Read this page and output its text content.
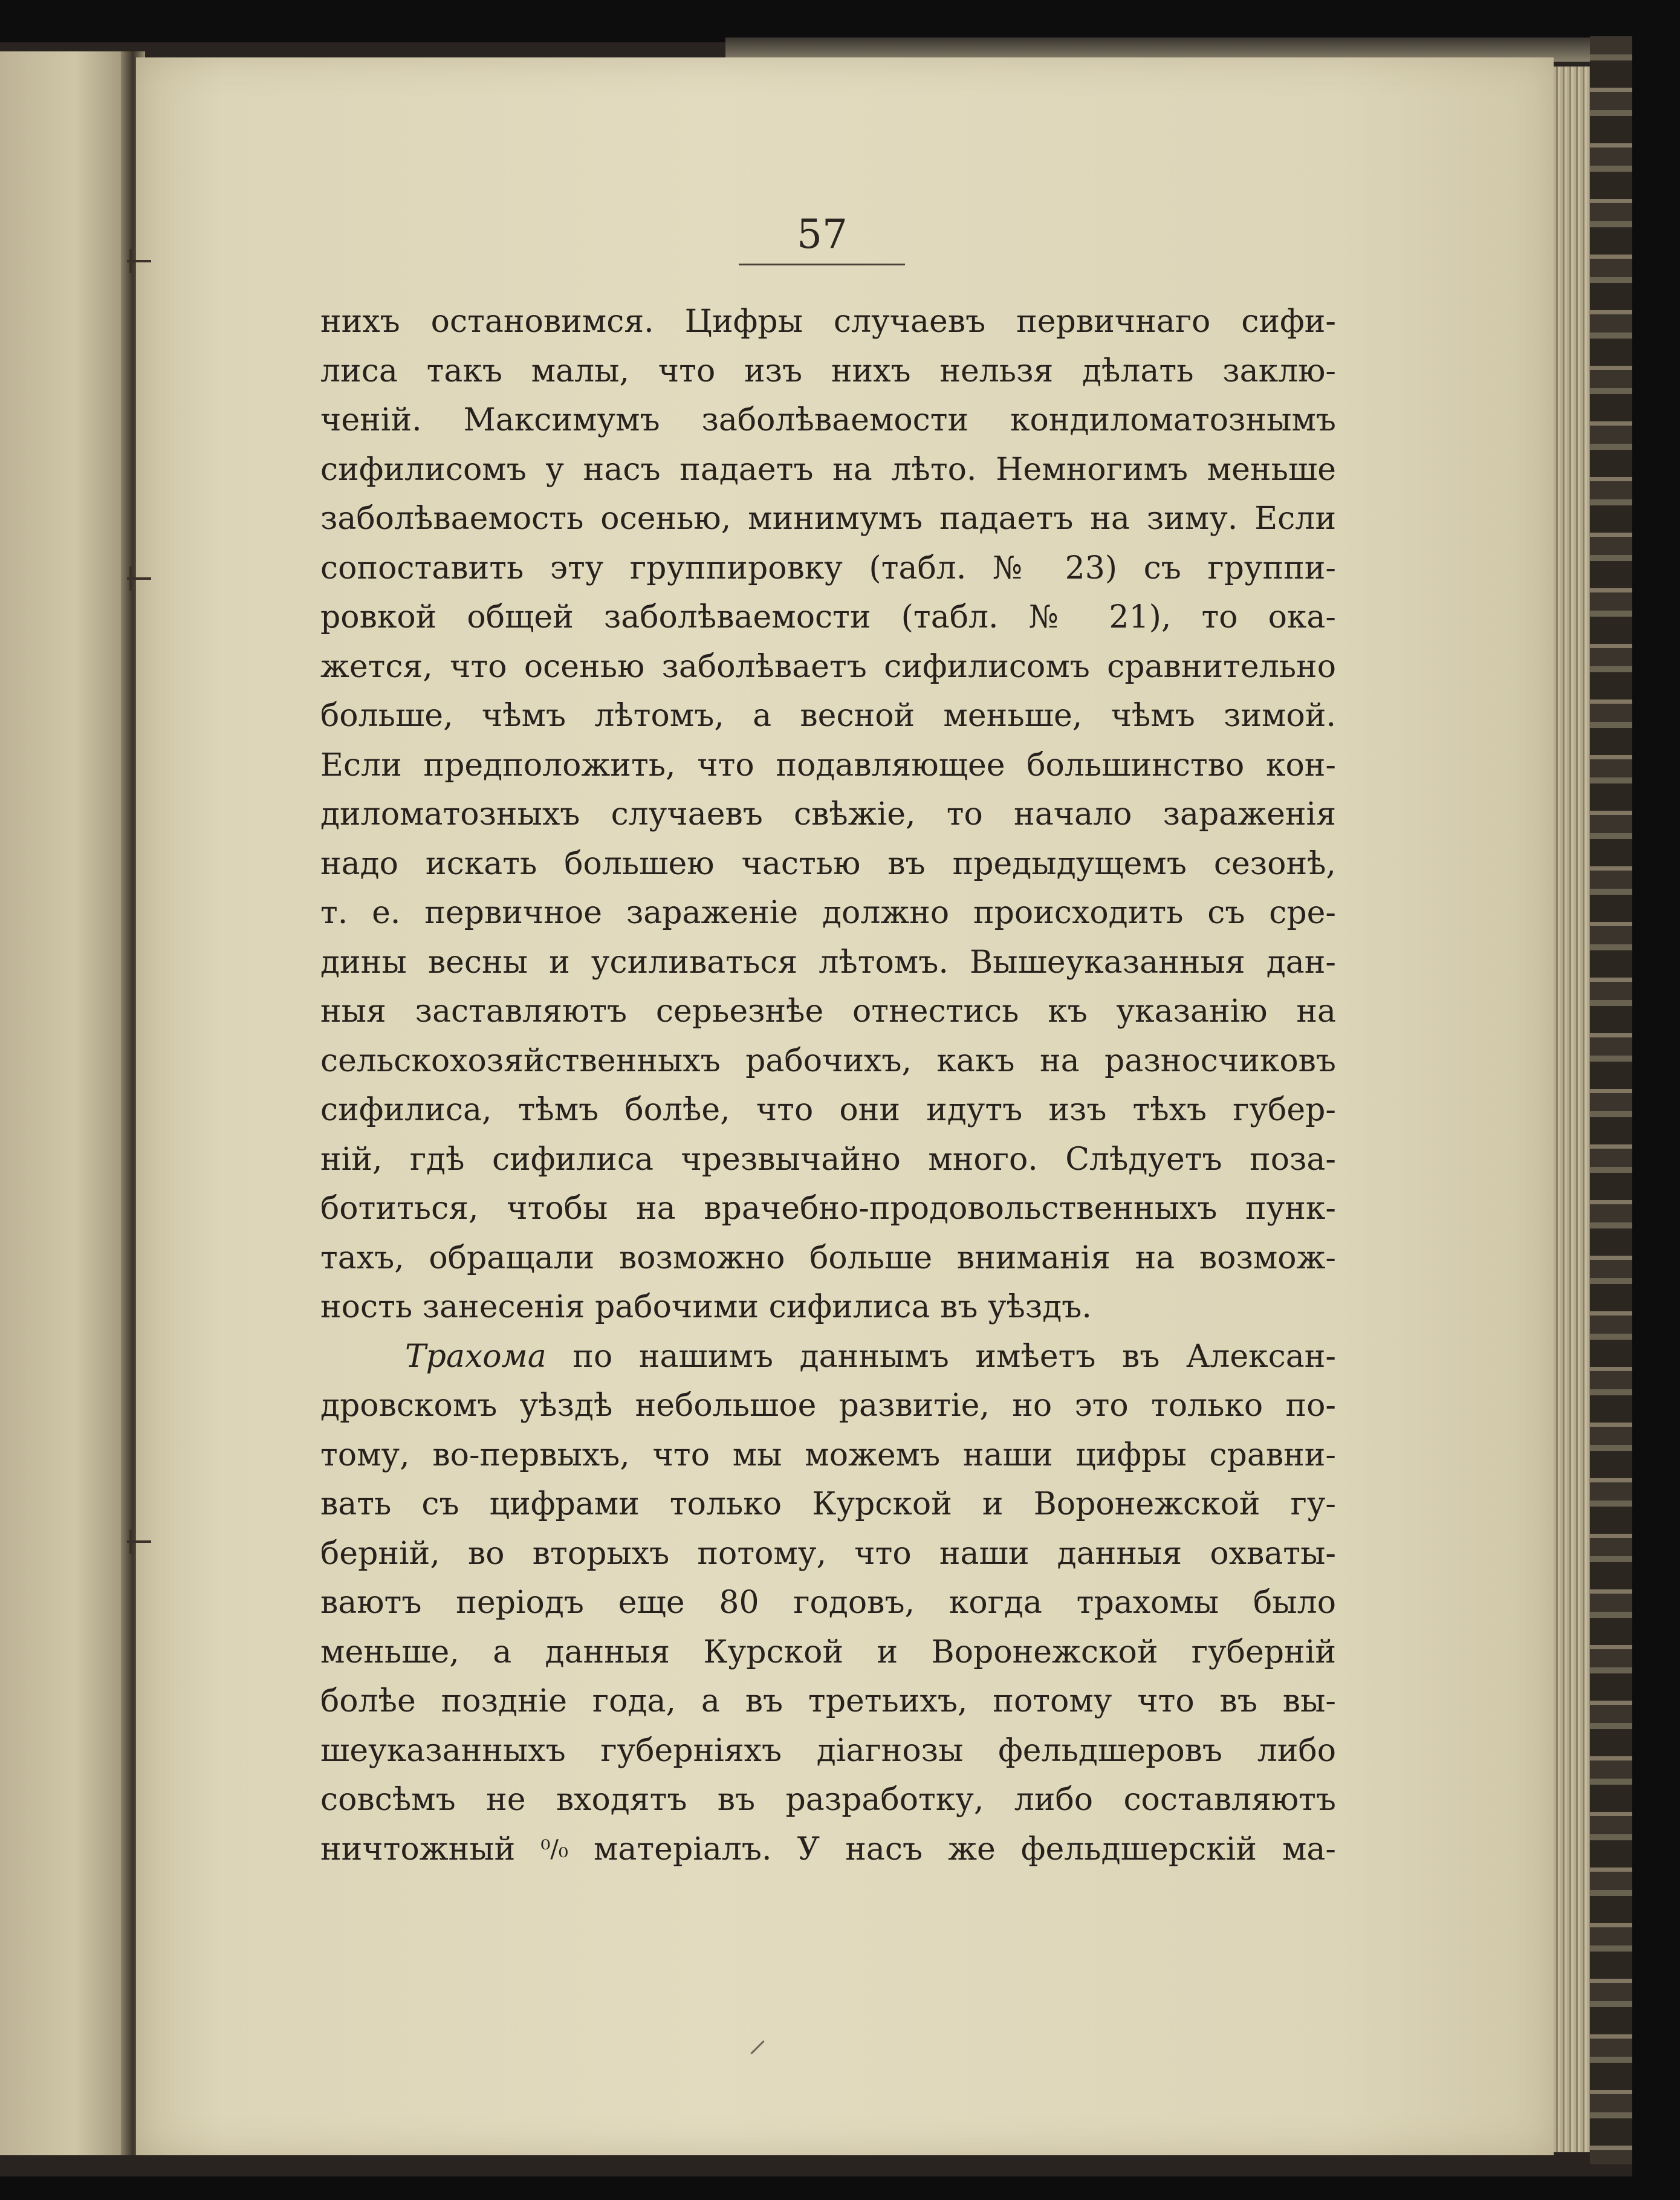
57
нихъ остановимся. Цифры случаевъ первичнаго сифи-
лиса такъ малы, что изъ нихъ нельзя дѣлать заклю-
ченій. Максимумъ заболѣваемости кондиломатознымъ
сифилисомъ у насъ падаетъ на лѣто. Немногимъ меньше
заболѣваемость осенью, минимумъ падаетъ на зиму. Если
сопоставить эту группировку (табл. № 23) съ группи-
ровкой общей заболѣваемости (табл. № 21), то ока-
жется, что осенью заболѣваетъ сифилисомъ сравнительно
больше, чѣмъ лѣтомъ, а весной меньше, чѣмъ зимой.
Если предположить, что подавляющее большинство кон-
диломатозныхъ случаевъ свѣжіе, то начало зараженія
надо искать большею частью въ предыдущемъ сезонѣ,
т. е. первичное зараженіе должно происходить съ сре-
дины весны и усиливаться лѣтомъ. Вышеуказанныя дан-
ныя заставляютъ серьезнѣе отнестись къ указанію на
сельскохозяйственныхъ рабочихъ, какъ на разносчиковъ
сифилиса, тѣмъ болѣе, что они идутъ изъ тѣхъ губер-
ній, гдѣ сифилиса чрезвычайно много. Слѣдуетъ поза-
ботиться, чтобы на врачебно-продовольственныхъ пунк-
тахъ, обращали возможно больше вниманія на возмож-
ность занесенія рабочими сифилиса въ уѣздъ.
Трахома по нашимъ даннымъ имѣетъ въ Алексан-
дровскомъ уѣздѣ небольшое развитіе, но это только по-
тому, во-первыхъ, что мы можемъ наши цифры сравни-
вать съ цифрами только Курской и Воронежской гу-
берній, во вторыхъ потому, что наши данныя охваты-
ваютъ періодъ еще 80 годовъ, когда трахомы было
меньше, а данныя Курской и Воронежской губерній
болѣе поздніе года, а въ третьихъ, потому что въ вы-
шеуказанныхъ губерніяхъ діагнозы фельдшеровъ либо
совсѣмъ не входятъ въ разработку, либо составляютъ
ничтожный ⁰/₀ матеріалъ. У насъ же фельдшерскій ма-
